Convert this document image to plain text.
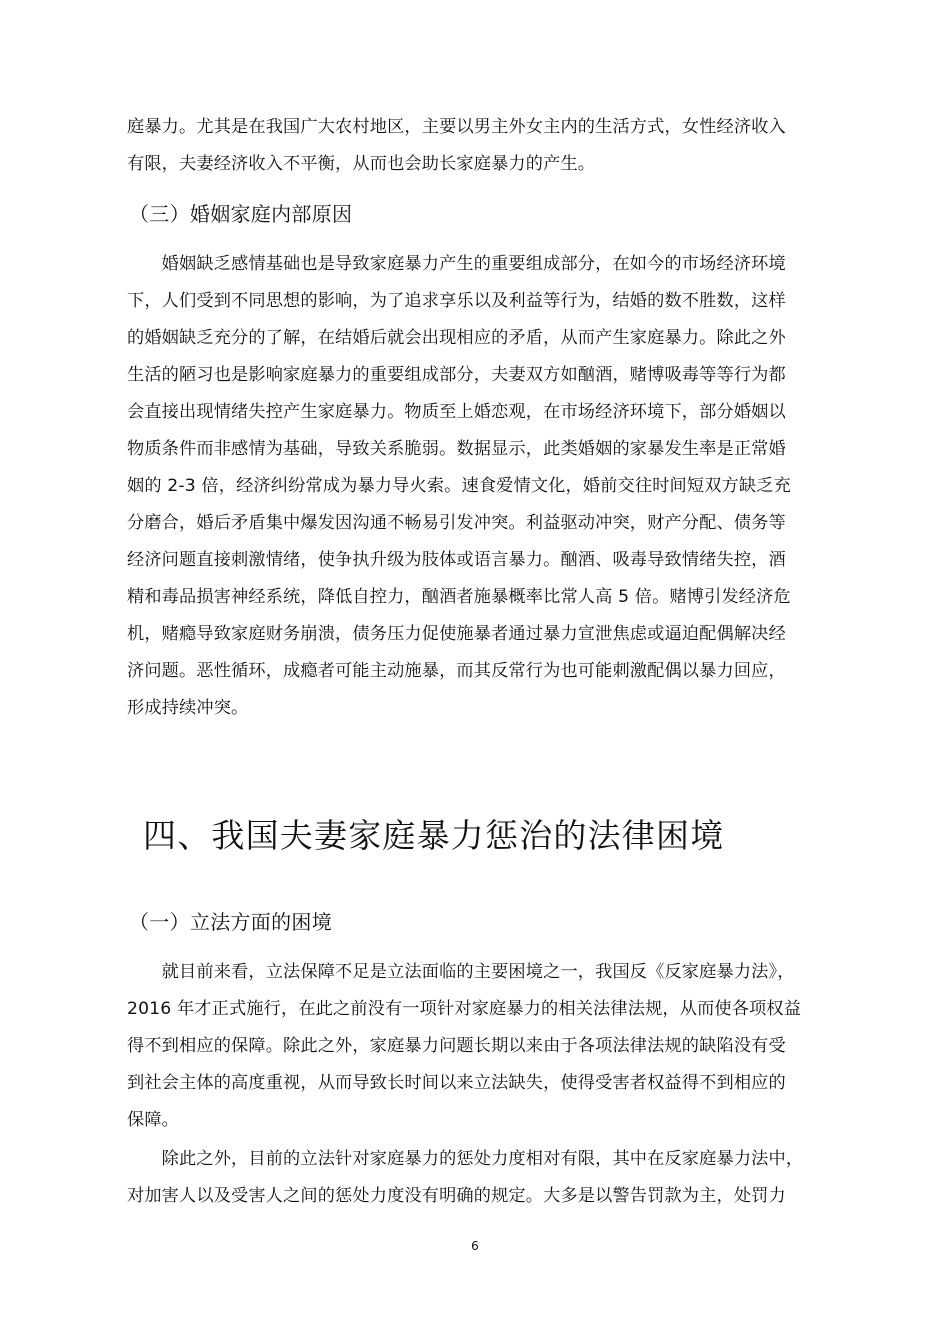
庭暴力。尤其是在我国广大农村地区，主要以男主外女主内的生活方式，女性经济收入
有限，夫妻经济收入不平衡，从而也会助长家庭暴力的产生。
（三）婚姻家庭内部原因
　　婚姻缺乏感情基础也是导致家庭暴力产生的重要组成部分，在如今的市场经济环境
下，人们受到不同思想的影响，为了追求享乐以及利益等行为，结婚的数不胜数，这样
的婚姻缺乏充分的了解，在结婚后就会出现相应的矛盾，从而产生家庭暴力。除此之外
生活的陋习也是影响家庭暴力的重要组成部分，夫妻双方如酗酒，赌博吸毒等等行为都
会直接出现情绪失控产生家庭暴力。物质至上婚恋观，在市场经济环境下，部分婚姻以
物质条件而非感情为基础，导致关系脆弱。数据显示，此类婚姻的家暴发生率是正常婚
姻的 2-3 倍，经济纠纷常成为暴力导火索。速食爱情文化，婚前交往时间短双方缺乏充
分磨合，婚后矛盾集中爆发因沟通不畅易引发冲突。利益驱动冲突，财产分配、债务等
经济问题直接刺激情绪，使争执升级为肢体或语言暴力。酗酒、吸毒导致情绪失控，酒
精和毒品损害神经系统，降低自控力，酗酒者施暴概率比常人高 5 倍。赌博引发经济危
机，赌瘾导致家庭财务崩溃，债务压力促使施暴者通过暴力宣泄焦虑或逼迫配偶解决经
济问题。恶性循环，成瘾者可能主动施暴，而其反常行为也可能刺激配偶以暴力回应，
形成持续冲突。
四、我国夫妻家庭暴力惩治的法律困境
（一）立法方面的困境
　　就目前来看，立法保障不足是立法面临的主要困境之一，我国反《反家庭暴力法》，
2016 年才正式施行，在此之前没有一项针对家庭暴力的相关法律法规，从而使各项权益
得不到相应的保障。除此之外，家庭暴力问题长期以来由于各项法律法规的缺陷没有受
到社会主体的高度重视，从而导致长时间以来立法缺失，使得受害者权益得不到相应的
保障。
　　除此之外，目前的立法针对家庭暴力的惩处力度相对有限，其中在反家庭暴力法中，
对加害人以及受害人之间的惩处力度没有明确的规定。大多是以警告罚款为主，处罚力
6
